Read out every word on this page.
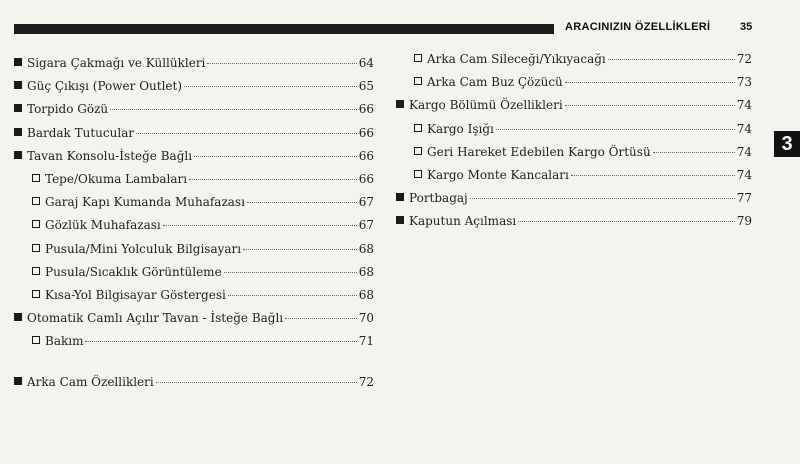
ARACINIZIN ÖZELLİKLERİ	35
Sigara Çakmağı ve Küllükleri	64
Güç Çıkışı (Power Outlet)	65
Torpido Gözü	66
Bardak Tutucular	66
Tavan Konsolu-İsteğe Bağlı	66
Tepe/Okuma Lambaları	66
Garaj Kapı Kumanda Muhafazası	67
Gözlük Muhafazası	67
Pusula/Mini Yolculuk Bilgisayarı	68
Pusula/Sıcaklık Görüntüleme	68
Kısa-Yol Bilgisayar Göstergesi	68
Otomatik Camlı Açılır Tavan - İsteğe Bağlı	70
Bakım	71
Arka Cam Özellikleri	72
Arka Cam Sileceği/Yıkıyacağı	72
Arka Cam Buz Çözücü	73
Kargo Bölümü Özellikleri	74
Kargo Işığı	74
Geri Hareket Edebilen Kargo Örtüsü	74
Kargo Monte Kancaları	74
Portbagaj	77
Kaputun Açılması	79
3
